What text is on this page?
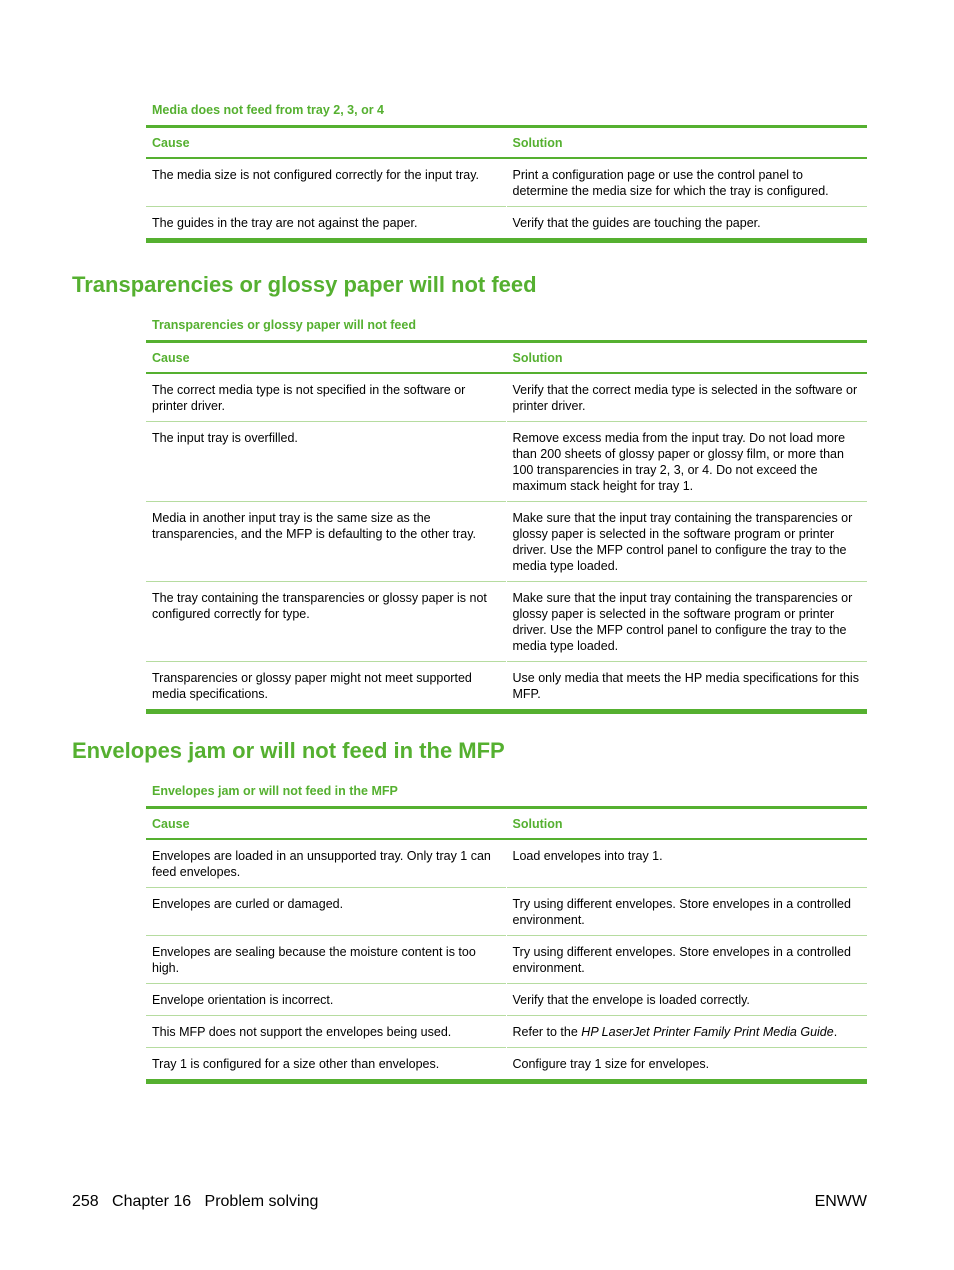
Media does not feed from tray 2, 3, or 4
Cause	Solution
The media size is not configured correctly for the input tray.	Print a configuration page or use the control panel to determine the media size for which the tray is configured.
The guides in the tray are not against the paper.	Verify that the guides are touching the paper.
Transparencies or glossy paper will not feed
Transparencies or glossy paper will not feed
Cause	Solution
The correct media type is not specified in the software or printer driver.	Verify that the correct media type is selected in the software or printer driver.
The input tray is overfilled.	Remove excess media from the input tray. Do not load more than 200 sheets of glossy paper or glossy film, or more than 100 transparencies in tray 2, 3, or 4. Do not exceed the maximum stack height for tray 1.
Media in another input tray is the same size as the transparencies, and the MFP is defaulting to the other tray.	Make sure that the input tray containing the transparencies or glossy paper is selected in the software program or printer driver. Use the MFP control panel to configure the tray to the media type loaded.
The tray containing the transparencies or glossy paper is not configured correctly for type.	Make sure that the input tray containing the transparencies or glossy paper is selected in the software program or printer driver. Use the MFP control panel to configure the tray to the media type loaded.
Transparencies or glossy paper might not meet supported media specifications.	Use only media that meets the HP media specifications for this MFP.
Envelopes jam or will not feed in the MFP
Envelopes jam or will not feed in the MFP
Cause	Solution
Envelopes are loaded in an unsupported tray. Only tray 1 can feed envelopes.	Load envelopes into tray 1.
Envelopes are curled or damaged.	Try using different envelopes. Store envelopes in a controlled environment.
Envelopes are sealing because the moisture content is too high.	Try using different envelopes. Store envelopes in a controlled environment.
Envelope orientation is incorrect.	Verify that the envelope is loaded correctly.
This MFP does not support the envelopes being used.	Refer to the HP LaserJet Printer Family Print Media Guide.
Tray 1 is configured for a size other than envelopes.	Configure tray 1 size for envelopes.
258   Chapter 16   Problem solving	ENWW
